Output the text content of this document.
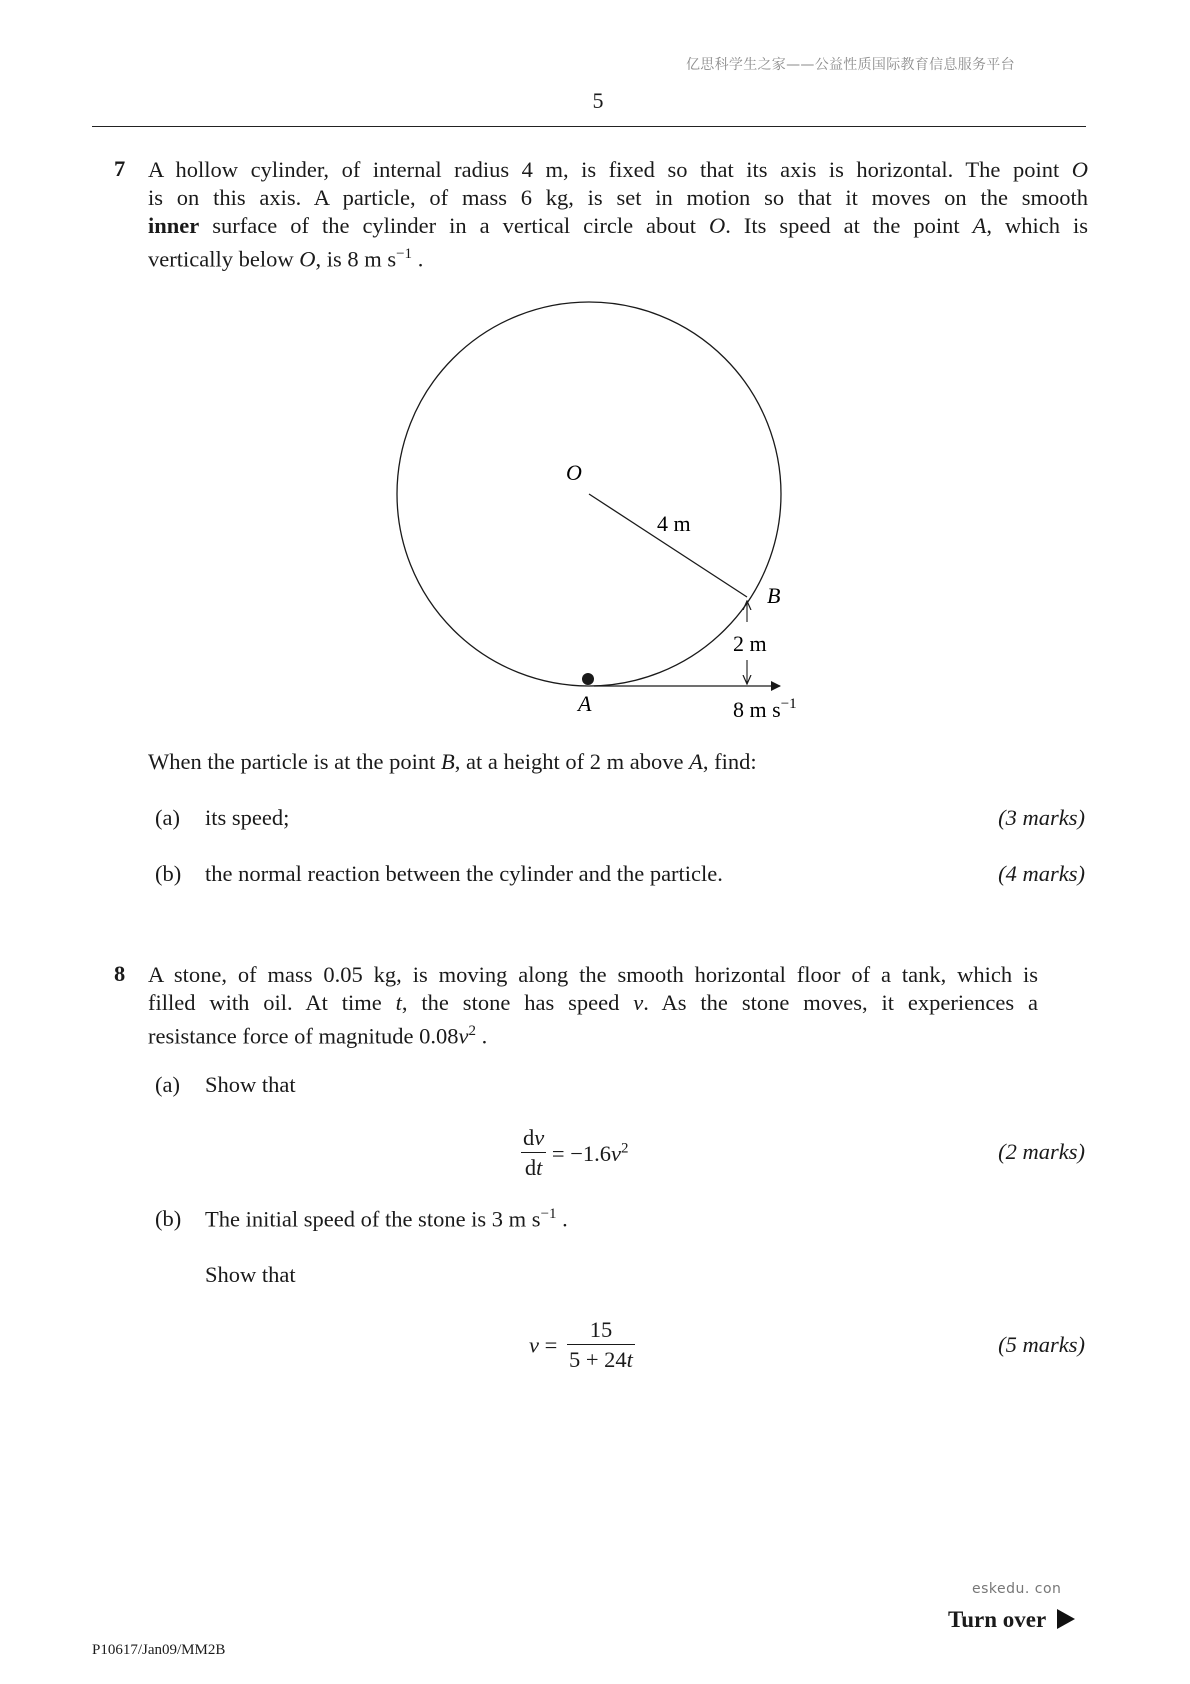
亿思科学生之家——公益性质国际教育信息服务平台
5
7 A hollow cylinder, of internal radius 4 m, is fixed so that its axis is horizontal. The point O
is on this axis. A particle, of mass 6 kg, is set in motion so that it moves on the smooth
inner surface of the cylinder in a vertical circle about O. Its speed at the point A, which is
vertically below O, is 8 m $s^{-1}$ .
O
4 m
B
2 m
A	8 m $s^{-1}$
When the particle is at the point B, at a height of 2 m above A, find:
(a) its speed;	(3 marks)
(b) the normal reaction between the cylinder and the particle.	(4 marks)
8 A stone, of mass 0.05 kg, is moving along the smooth horizontal floor of a tank, which is
filled with oil. At time t, the stone has speed v. As the stone moves, it experiences a
resistance force of magnitude $0.08v^2$ .
(a) Show that
$\frac{dv}{dt} = -1.6v^2$	(2 marks)
(b) The initial speed of the stone is 3 m $s^{-1}$ .
Show that
$v = \frac{15}{5 + 24t}$	(5 marks)
eskedu. con
Turn over
P10617/Jan09/MM2B
